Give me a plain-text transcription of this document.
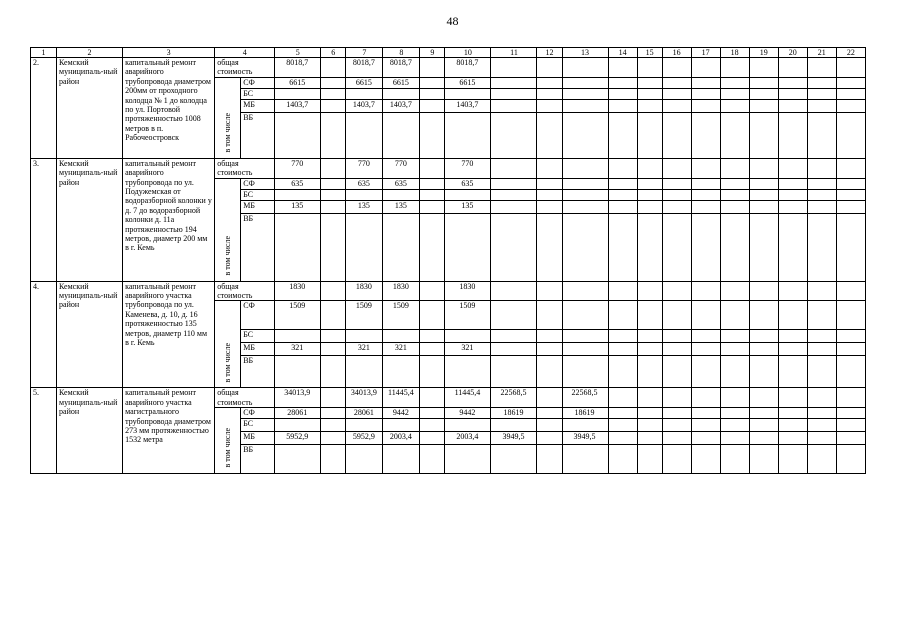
48
1	2	3	4		5	6	7	8	9	10	11	12	13	14	15	16	17	18	19	20	21	22
2.	Кемский муниципаль-ный район	капитальный ремонт аварийного трубопровода диаметром 200мм от проходного колодца № 1 до колодца по ул. Портовой протяженностью 1008 метров в п. Рабочеостровск	общая стоимость		8018,7		8018,7	8018,7		8018,7												
			в том числе	СФ	6615		6615	6615		6615												
				БС																		
				МБ	1403,7		1403,7	1403,7		1403,7												
				ВБ																		
3.	Кемский муниципаль-ный район	капитальный ремонт аварийного трубопровода по ул. Подужемская от водоразборной колонки у д. 7 до водоразборной колонки д. 11а протяженностью 194 метров, диаметр 200 мм в г. Кемь	общая стоимость		770		770	770		770												
			в том числе	СФ	635		635	635		635												
				БС																		
				МБ	135		135	135		135												
				ВБ																		
4.	Кемский муниципаль-ный район	капитальный ремонт аварийного участка трубопровода по ул. Каменева, д. 10, д. 16 протяженностью 135 метров, диаметр 110 мм в г. Кемь	общая стоимость		1830		1830	1830		1830												
			в том числе	СФ	1509		1509	1509		1509												
				БС																		
				МБ	321		321	321		321												
				ВБ																		
5.	Кемский муниципаль-ный район	капитальный ремонт аварийного участка магистрального трубопровода диаметром 273 мм протяженностью 1532 метра	общая стоимость		34013,9		34013,9	11445,4		11445,4	22568,5		22568,5									
			в том числе	СФ	28061		28061	9442		9442	18619		18619									
				БС																		
				МБ	5952,9		5952,9	2003,4		2003,4	3949,5		3949,5									
				ВБ																		
